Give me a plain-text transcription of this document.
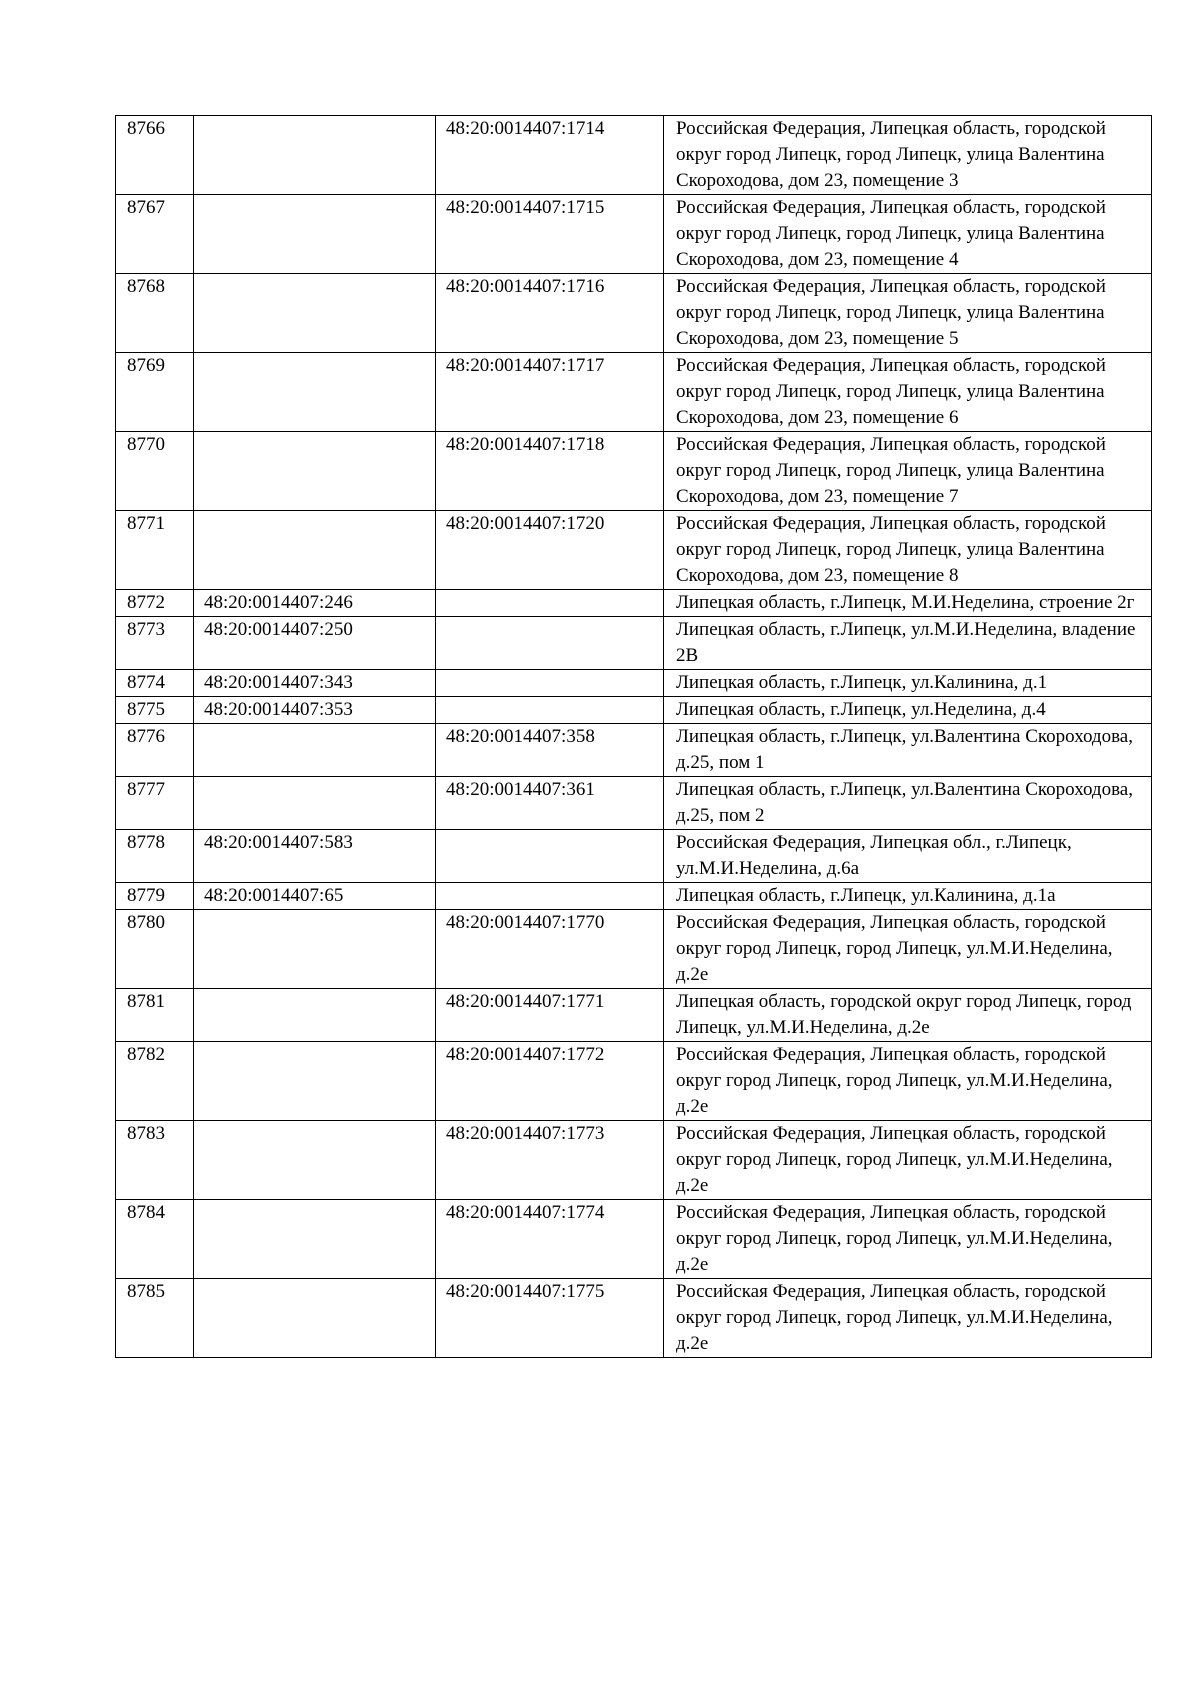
8766		48:20:0014407:1714	Российская Федерация, Липецкая область, городской округ город Липецк, город Липецк, улица Валентина Скороходова, дом 23, помещение 3
8767		48:20:0014407:1715	Российская Федерация, Липецкая область, городской округ город Липецк, город Липецк, улица Валентина Скороходова, дом 23, помещение 4
8768		48:20:0014407:1716	Российская Федерация, Липецкая область, городской округ город Липецк, город Липецк, улица Валентина Скороходова, дом 23, помещение 5
8769		48:20:0014407:1717	Российская Федерация, Липецкая область, городской округ город Липецк, город Липецк, улица Валентина Скороходова, дом 23, помещение 6
8770		48:20:0014407:1718	Российская Федерация, Липецкая область, городской округ город Липецк, город Липецк, улица Валентина Скороходова, дом 23, помещение 7
8771		48:20:0014407:1720	Российская Федерация, Липецкая область, городской округ город Липецк, город Липецк, улица Валентина Скороходова, дом 23, помещение 8
8772	48:20:0014407:246		Липецкая область, г.Липецк, М.И.Неделина, строение 2г
8773	48:20:0014407:250		Липецкая область, г.Липецк, ул.М.И.Неделина, владение 2В
8774	48:20:0014407:343		Липецкая область, г.Липецк, ул.Калинина, д.1
8775	48:20:0014407:353		Липецкая область, г.Липецк, ул.Неделина, д.4
8776		48:20:0014407:358	Липецкая область, г.Липецк, ул.Валентина Скороходова, д.25, пом 1
8777		48:20:0014407:361	Липецкая область, г.Липецк, ул.Валентина Скороходова, д.25, пом 2
8778	48:20:0014407:583		Российская Федерация, Липецкая обл., г.Липецк, ул.М.И.Неделина, д.6а
8779	48:20:0014407:65		Липецкая область, г.Липецк, ул.Калинина, д.1а
8780		48:20:0014407:1770	Российская Федерация, Липецкая область, городской округ город Липецк, город Липецк, ул.М.И.Неделина, д.2е
8781		48:20:0014407:1771	Липецкая область, городской округ город Липецк, город Липецк, ул.М.И.Неделина, д.2е
8782		48:20:0014407:1772	Российская Федерация, Липецкая область, городской округ город Липецк, город Липецк, ул.М.И.Неделина, д.2е
8783		48:20:0014407:1773	Российская Федерация, Липецкая область, городской округ город Липецк, город Липецк, ул.М.И.Неделина, д.2е
8784		48:20:0014407:1774	Российская Федерация, Липецкая область, городской округ город Липецк, город Липецк, ул.М.И.Неделина, д.2е
8785		48:20:0014407:1775	Российская Федерация, Липецкая область, городской округ город Липецк, город Липецк, ул.М.И.Неделина, д.2е
